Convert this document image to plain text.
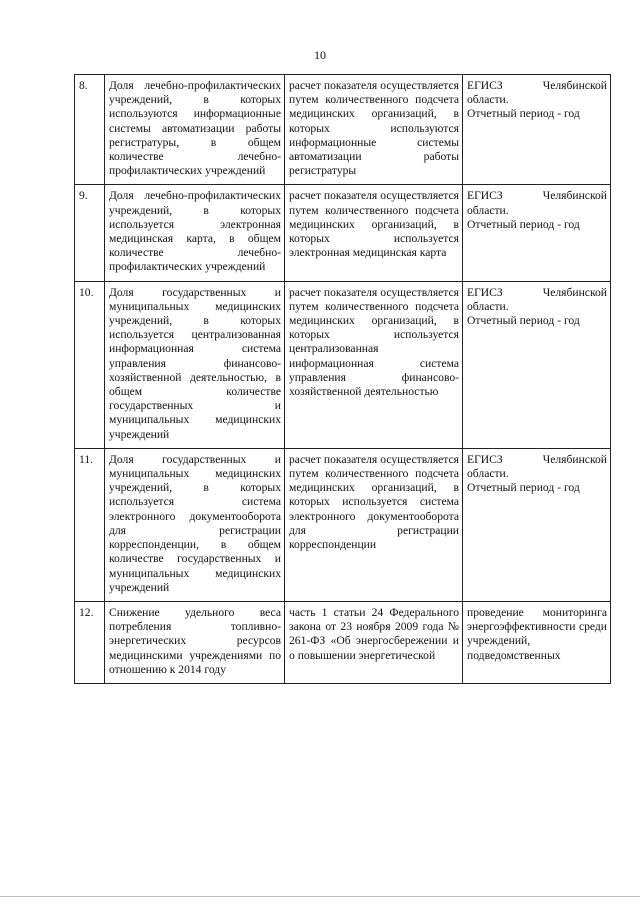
10
8.	Доля лечебно-профилактических учреждений, в которых используются информационные системы автоматизации работы регистратуры, в общем количестве лечебно-профилактических учреждений	расчет показателя осуществляется путем количественного подсчета медицинских организаций, в которых используются информационные системы автоматизации работы регистратуры	ЕГИСЗ Челябинской области.
Отчетный период - год

9.	Доля лечебно-профилактических учреждений, в которых используется электронная медицинская карта, в общем количестве лечебно-профилактических учреждений	расчет показателя осуществляется путем количественного подсчета медицинских организаций, в которых используется электронная медицинская карта	ЕГИСЗ Челябинской области.
Отчетный период - год

10.	Доля государственных и муниципальных медицинских учреждений, в которых используется централизованная информационная система управления финансово-хозяйственной деятельностью, в общем количестве государственных и муниципальных медицинских учреждений	расчет показателя осуществляется путем количественного подсчета медицинских организаций, в которых используется централизованная информационная система управления финансово-хозяйственной деятельностью	ЕГИСЗ Челябинской области.
Отчетный период - год

11.	Доля государственных и муниципальных медицинских учреждений, в которых используется система электронного документооборота для регистрации корреспонденции, в общем количестве государственных и муниципальных медицинских учреждений	расчет показателя осуществляется путем количественного подсчета медицинских организаций, в которых используется система электронного документооборота для регистрации корреспонденции	ЕГИСЗ Челябинской области.
Отчетный период - год

12.	Снижение удельного веса потребления топливно-энергетических ресурсов медицинскими учреждениями по отношению к 2014 году	часть 1 статьи 24 Федерального закона от 23 ноября 2009 года № 261-ФЗ «Об энергосбережении и о повышении энергетической	проведение мониторинга энергоэффективности среди учреждений, подведомственных
